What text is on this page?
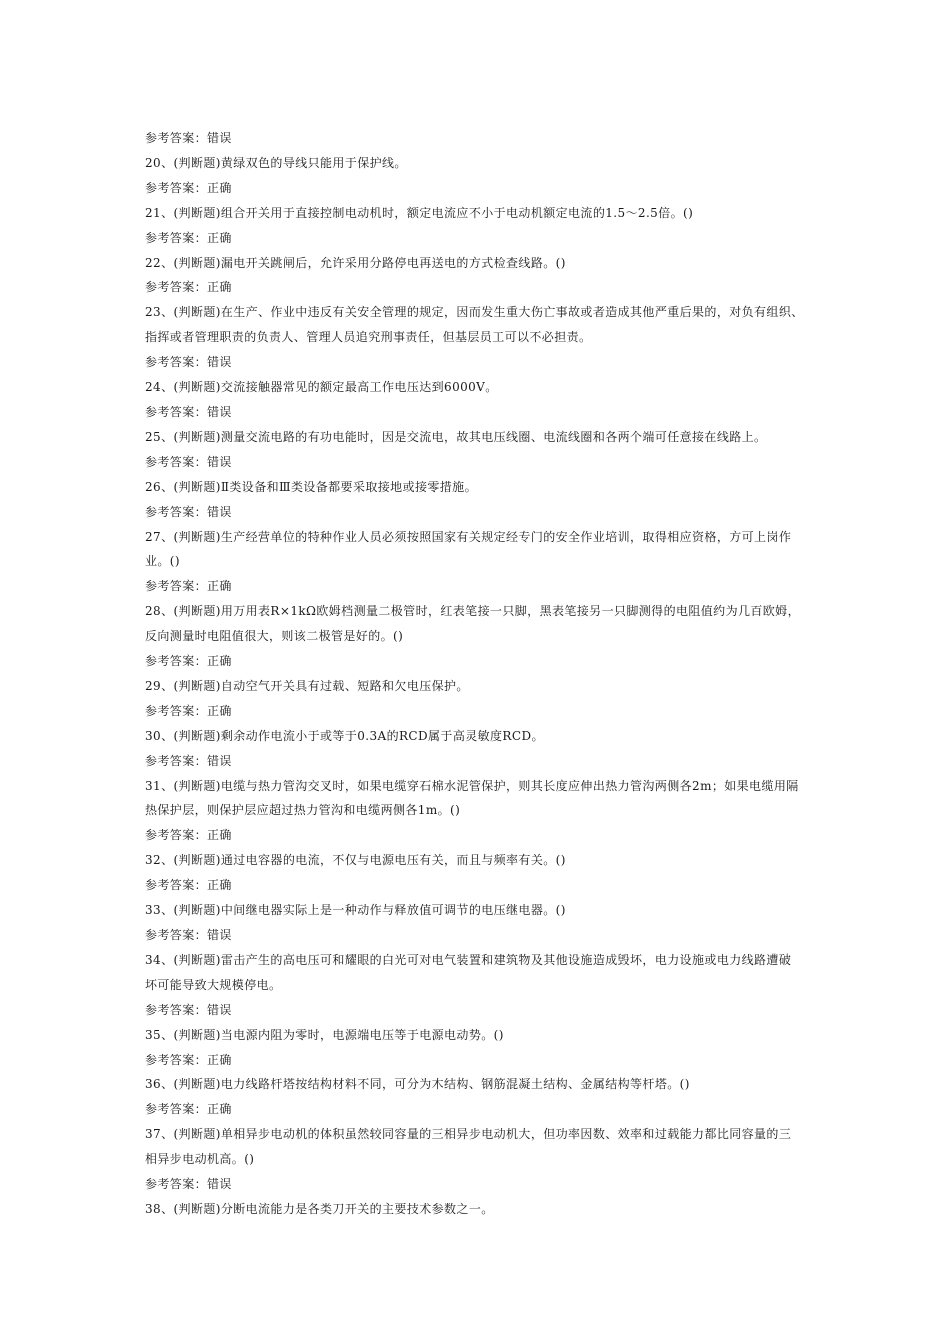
参考答案：错误
20、(判断题)黄绿双色的导线只能用于保护线。
参考答案：正确
21、(判断题)组合开关用于直接控制电动机时，额定电流应不小于电动机额定电流的1.5～2.5倍。()
参考答案：正确
22、(判断题)漏电开关跳闸后，允许采用分路停电再送电的方式检查线路。()
参考答案：正确
23、(判断题)在生产、作业中违反有关安全管理的规定，因而发生重大伤亡事故或者造成其他严重后果的，对负有组织、
指挥或者管理职责的负责人、管理人员追究刑事责任，但基层员工可以不必担责。
参考答案：错误
24、(判断题)交流接触器常见的额定最高工作电压达到6000V。
参考答案：错误
25、(判断题)测量交流电路的有功电能时，因是交流电，故其电压线圈、电流线圈和各两个端可任意接在线路上。
参考答案：错误
26、(判断题)Ⅱ类设备和Ⅲ类设备都要采取接地或接零措施。
参考答案：错误
27、(判断题)生产经营单位的特种作业人员必须按照国家有关规定经专门的安全作业培训，取得相应资格，方可上岗作
业。()
参考答案：正确
28、(判断题)用万用表R×1kΩ欧姆档测量二极管时，红表笔接一只脚，黑表笔接另一只脚测得的电阻值约为几百欧姆，
反向测量时电阻值很大，则该二极管是好的。()
参考答案：正确
29、(判断题)自动空气开关具有过载、短路和欠电压保护。
参考答案：正确
30、(判断题)剩余动作电流小于或等于0.3A的RCD属于高灵敏度RCD。
参考答案：错误
31、(判断题)电缆与热力管沟交叉时，如果电缆穿石棉水泥管保护，则其长度应伸出热力管沟两侧各2m；如果电缆用隔
热保护层，则保护层应超过热力管沟和电缆两侧各1m。()
参考答案：正确
32、(判断题)通过电容器的电流，不仅与电源电压有关，而且与频率有关。()
参考答案：正确
33、(判断题)中间继电器实际上是一种动作与释放值可调节的电压继电器。()
参考答案：错误
34、(判断题)雷击产生的高电压可和耀眼的白光可对电气装置和建筑物及其他设施造成毁坏，电力设施或电力线路遭破
坏可能导致大规模停电。
参考答案：错误
35、(判断题)当电源内阻为零时，电源端电压等于电源电动势。()
参考答案：正确
36、(判断题)电力线路杆塔按结构材料不同，可分为木结构、钢筋混凝土结构、金属结构等杆塔。()
参考答案：正确
37、(判断题)单相异步电动机的体积虽然较同容量的三相异步电动机大，但功率因数、效率和过载能力都比同容量的三
相异步电动机高。()
参考答案：错误
38、(判断题)分断电流能力是各类刀开关的主要技术参数之一。
